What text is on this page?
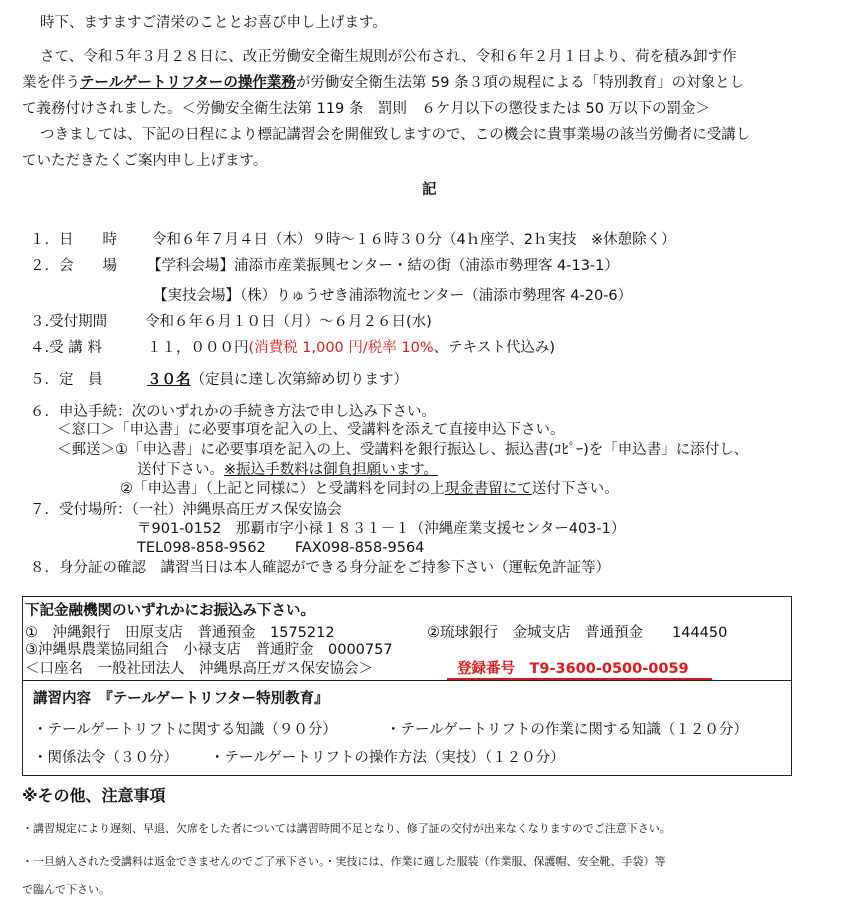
時下、ますますご清栄のこととお喜び申し上げます。
さて、令和５年３月２８日に、改正労働安全衛生規則が公布され、令和６年２月１日より、荷を積み卸す作
業を伴うテールゲートリフターの操作業務が労働安全衛生法第 59 条３項の規程による「特別教育」の対象とし
て義務付けされました。＜労働安全衛生法第 119 条　罰則　６ケ月以下の懲役または 50 万以下の罰金＞
つきましては、下記の日程により標記講習会を開催致しますので、この機会に貴事業場の該当労働者に受講し
ていただきたくご案内申し上げます。
記
１．日　　時 令和６年７月４日（木）９時～１６時３０分（4ｈ座学、2ｈ実技　※休憩除く）
２．会　　場 【学科会場】浦添市産業振興センター・結の街（浦添市勢理客 4-13-1）
【実技会場】（株）りゅうせき浦添物流センター（浦添市勢理客 4-20-6）
３.受付期間	令和６年６月１０日（月）～６月２６日(水)
４.受 講 料	１１，０００円(消費税 1,000 円/税率 10%、テキスト代込み)
５．定　員	３０名（定員に達し次第締め切ります）
６．申込手続：次のいずれかの手続き方法で申し込み下さい。
＜窓口＞「申込書」に必要事項を記入の上、受講料を添えて直接申込下さい。
＜郵送＞①「申込書」に必要事項を記入の上、受講料を銀行振込し、振込書(ｺﾋﾟｰ)を「申込書」に添付し、
送付下さい。※振込手数料は御負担願います。
②「申込書」（上記と同様に）と受講料を同封の上現金書留にて送付下さい。
７．受付場所：（一社）沖縄県高圧ガス保安協会
〒901-0152　那覇市字小禄１８３１－１（沖縄産業支援センター403-1）
TEL098-858-9562　　FAX098-858-9564
８．身分証の確認　講習当日は本人確認ができる身分証をご持参下さい（運転免許証等）
下記金融機関のいずれかにお振込み下さい。
①　沖縄銀行　田原支店　普通預金　1575212	②琉球銀行　金城支店　普通預金　　144450
③沖縄県農業協同組合　小禄支店　普通貯金　0000757
＜口座名　一般社団法人　沖縄県高圧ガス保安協会＞	登録番号　T9-3600-0500-0059
講習内容　『テールゲートリフター特別教育』
・テールゲートリフトに関する知識（９０分）	・テールゲートリフトの作業に関する知識（１２０分）
・関係法令（３０分） ・テールゲートリフトの操作方法（実技）（１２０分）
※その他、注意事項
・講習規定により遅刻、早退、欠席をした者については講習時間不足となり、修了証の交付が出来なくなりますのでご注意下さい。
・一旦納入された受講料は返金できませんのでご了承下さい。・実技には、作業に適した服装（作業服、保護帽、安全靴、手袋）等
で臨んで下さい。
